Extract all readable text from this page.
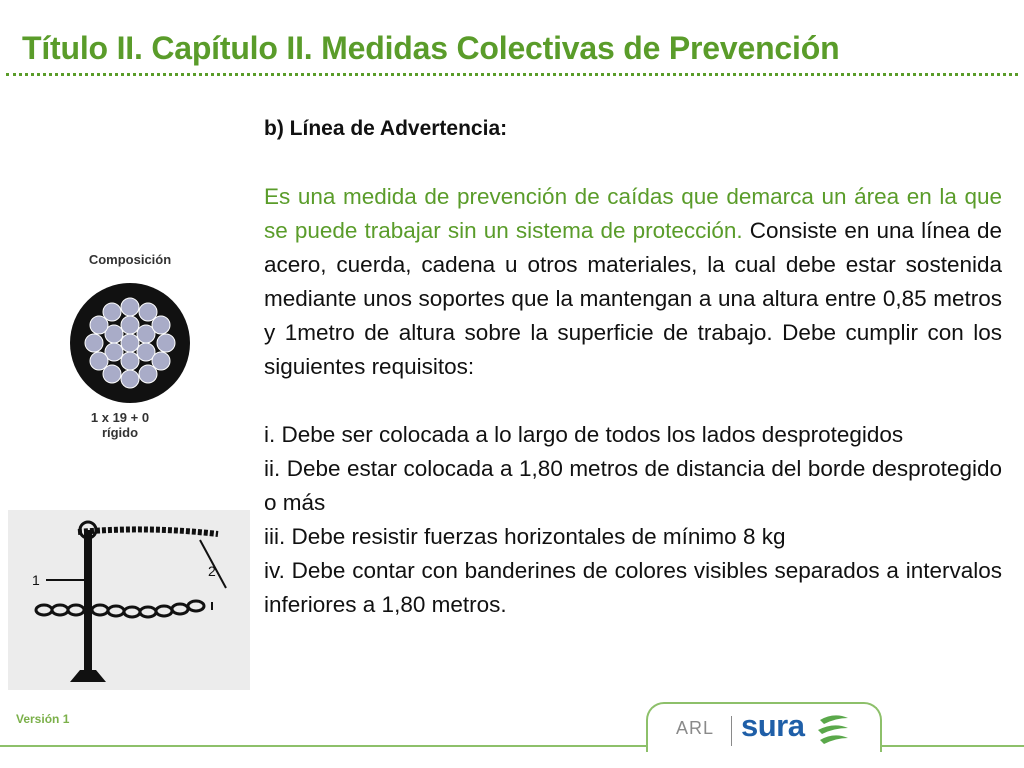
Título II. Capítulo II. Medidas Colectivas de Prevención
Composición
1 x 19 + 0
rígido
1
2
b) Línea de Advertencia:
Es una medida de prevención de caídas que demarca un área en la que se puede trabajar sin un sistema de protección. Consiste en una línea de acero, cuerda, cadena u otros materiales, la cual debe estar sostenida mediante unos soportes que la mantengan a una altura entre 0,85 metros y 1metro de altura sobre la superficie de trabajo. Debe cumplir con los siguientes requisitos:
i. Debe ser colocada a lo largo de todos los lados desprotegidos
ii. Debe estar colocada a 1,80 metros de distancia del borde desprotegido o más
iii. Debe resistir fuerzas horizontales de mínimo 8 kg
iv. Debe contar con banderines de colores visibles separados a intervalos inferiores a 1,80 metros.
Versión 1	ARL sura
